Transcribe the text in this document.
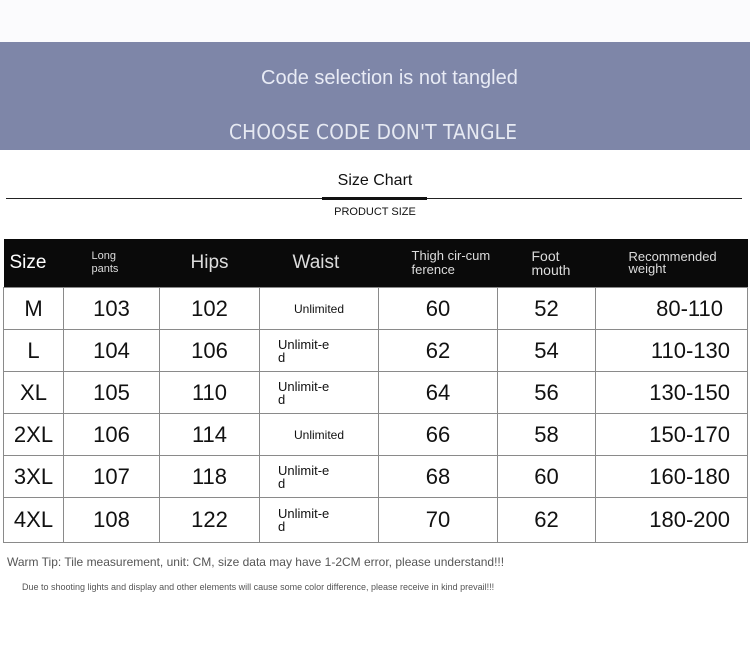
Code selection is not tangled
CHOOSE CODE DON'T TANGLE
Size Chart
PRODUCT SIZE
Size	Long pants	Hips	Waist	Thigh cir-cumference	Foot mouth	Recommended weight
M	103	102	Unlimited	60	52	80-110
L	104	106	Unlimit-ed	62	54	110-130
XL	105	110	Unlimit-ed	64	56	130-150
2XL	106	114	Unlimited	66	58	150-170
3XL	107	118	Unlimit-ed	68	60	160-180
4XL	108	122	Unlimit-ed	70	62	180-200
Warm Tip: Tile measurement, unit: CM, size data may have 1-2CM error, please understand!!!
Due to shooting lights and display and other elements will cause some color difference, please receive in kind prevail!!!
